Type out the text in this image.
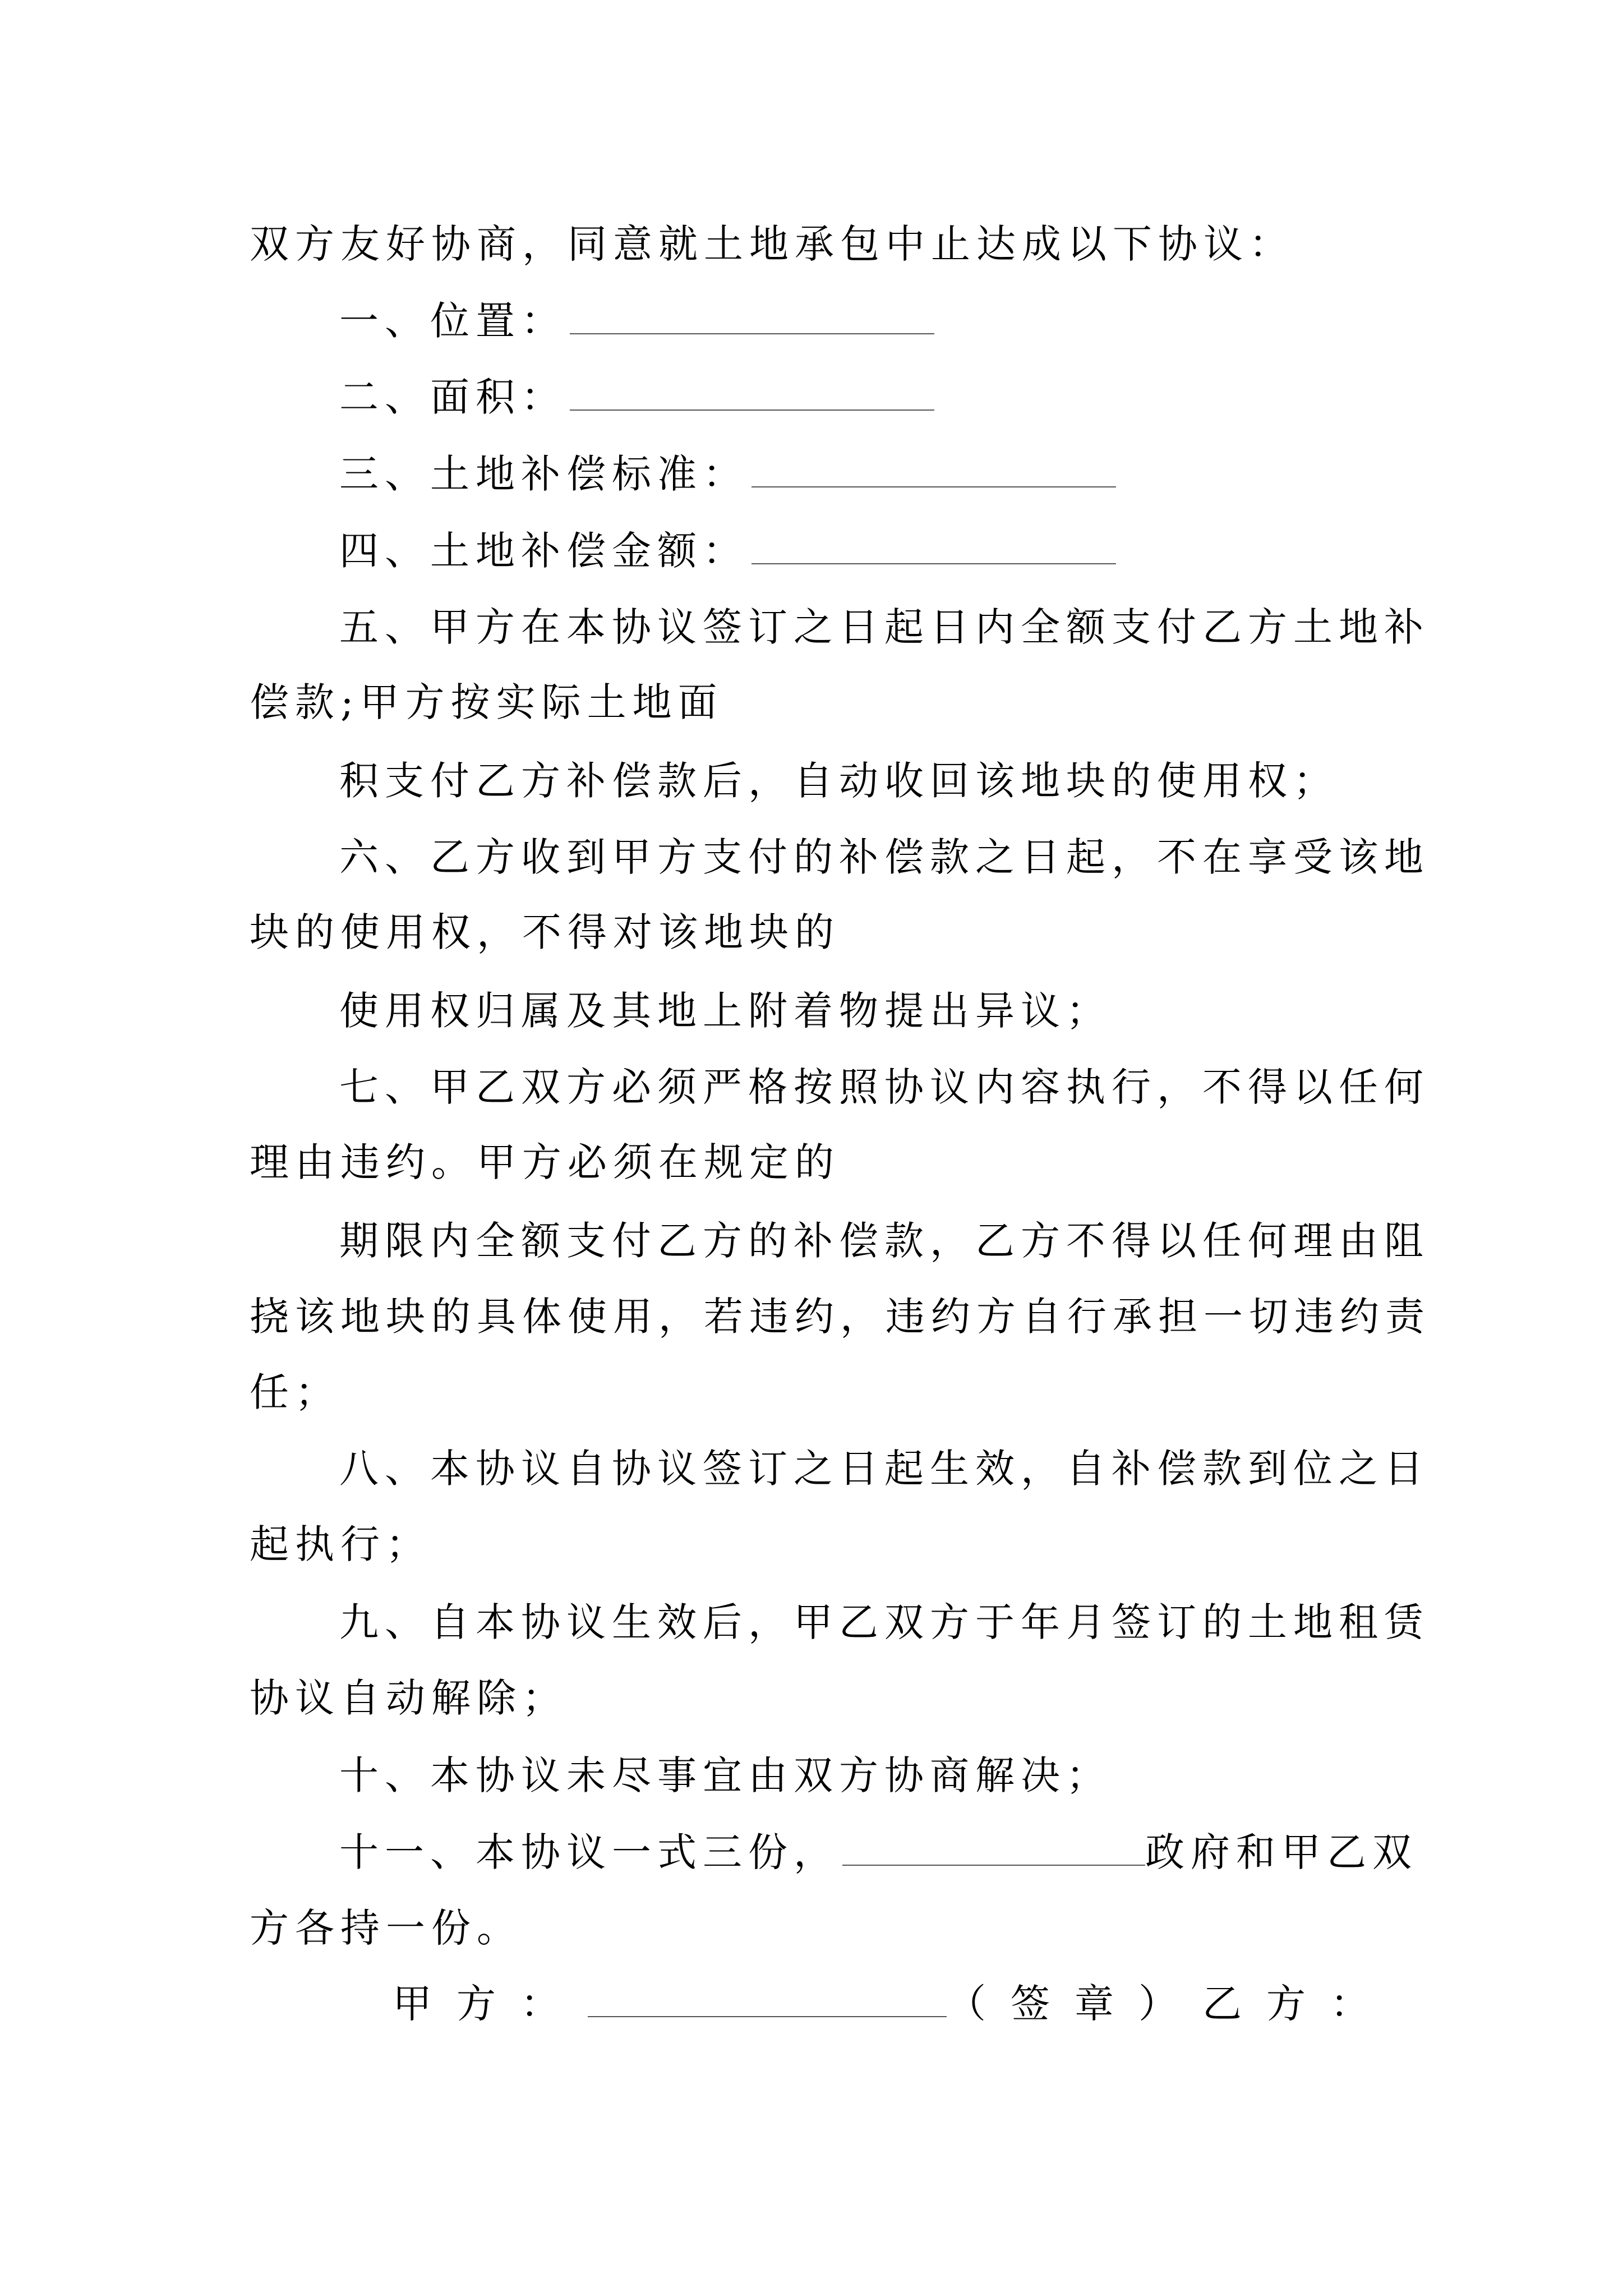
双方友好协商，同意就土地承包中止达成以下协议：
一、位置：
二、面积：
三、土地补偿标准：
四、土地补偿金额：
五、甲方在本协议签订之日起日内全额支付乙方土地补
偿款;甲方按实际土地面
积支付乙方补偿款后，自动收回该地块的使用权；
六、乙方收到甲方支付的补偿款之日起，不在享受该地
块的使用权，不得对该地块的
使用权归属及其地上附着物提出异议；
七、甲乙双方必须严格按照协议内容执行，不得以任何
理由违约。甲方必须在规定的
期限内全额支付乙方的补偿款，乙方不得以任何理由阻
挠该地块的具体使用，若违约，违约方自行承担一切违约责
任；
八、本协议自协议签订之日起生效，自补偿款到位之日
起执行；
九、自本协议生效后，甲乙双方于年月签订的土地租赁
协议自动解除；
十、本协议未尽事宜由双方协商解决；
十一、本协议一式三份，	政府和甲乙双
方各持一份。
甲方：	（签章）乙方：
